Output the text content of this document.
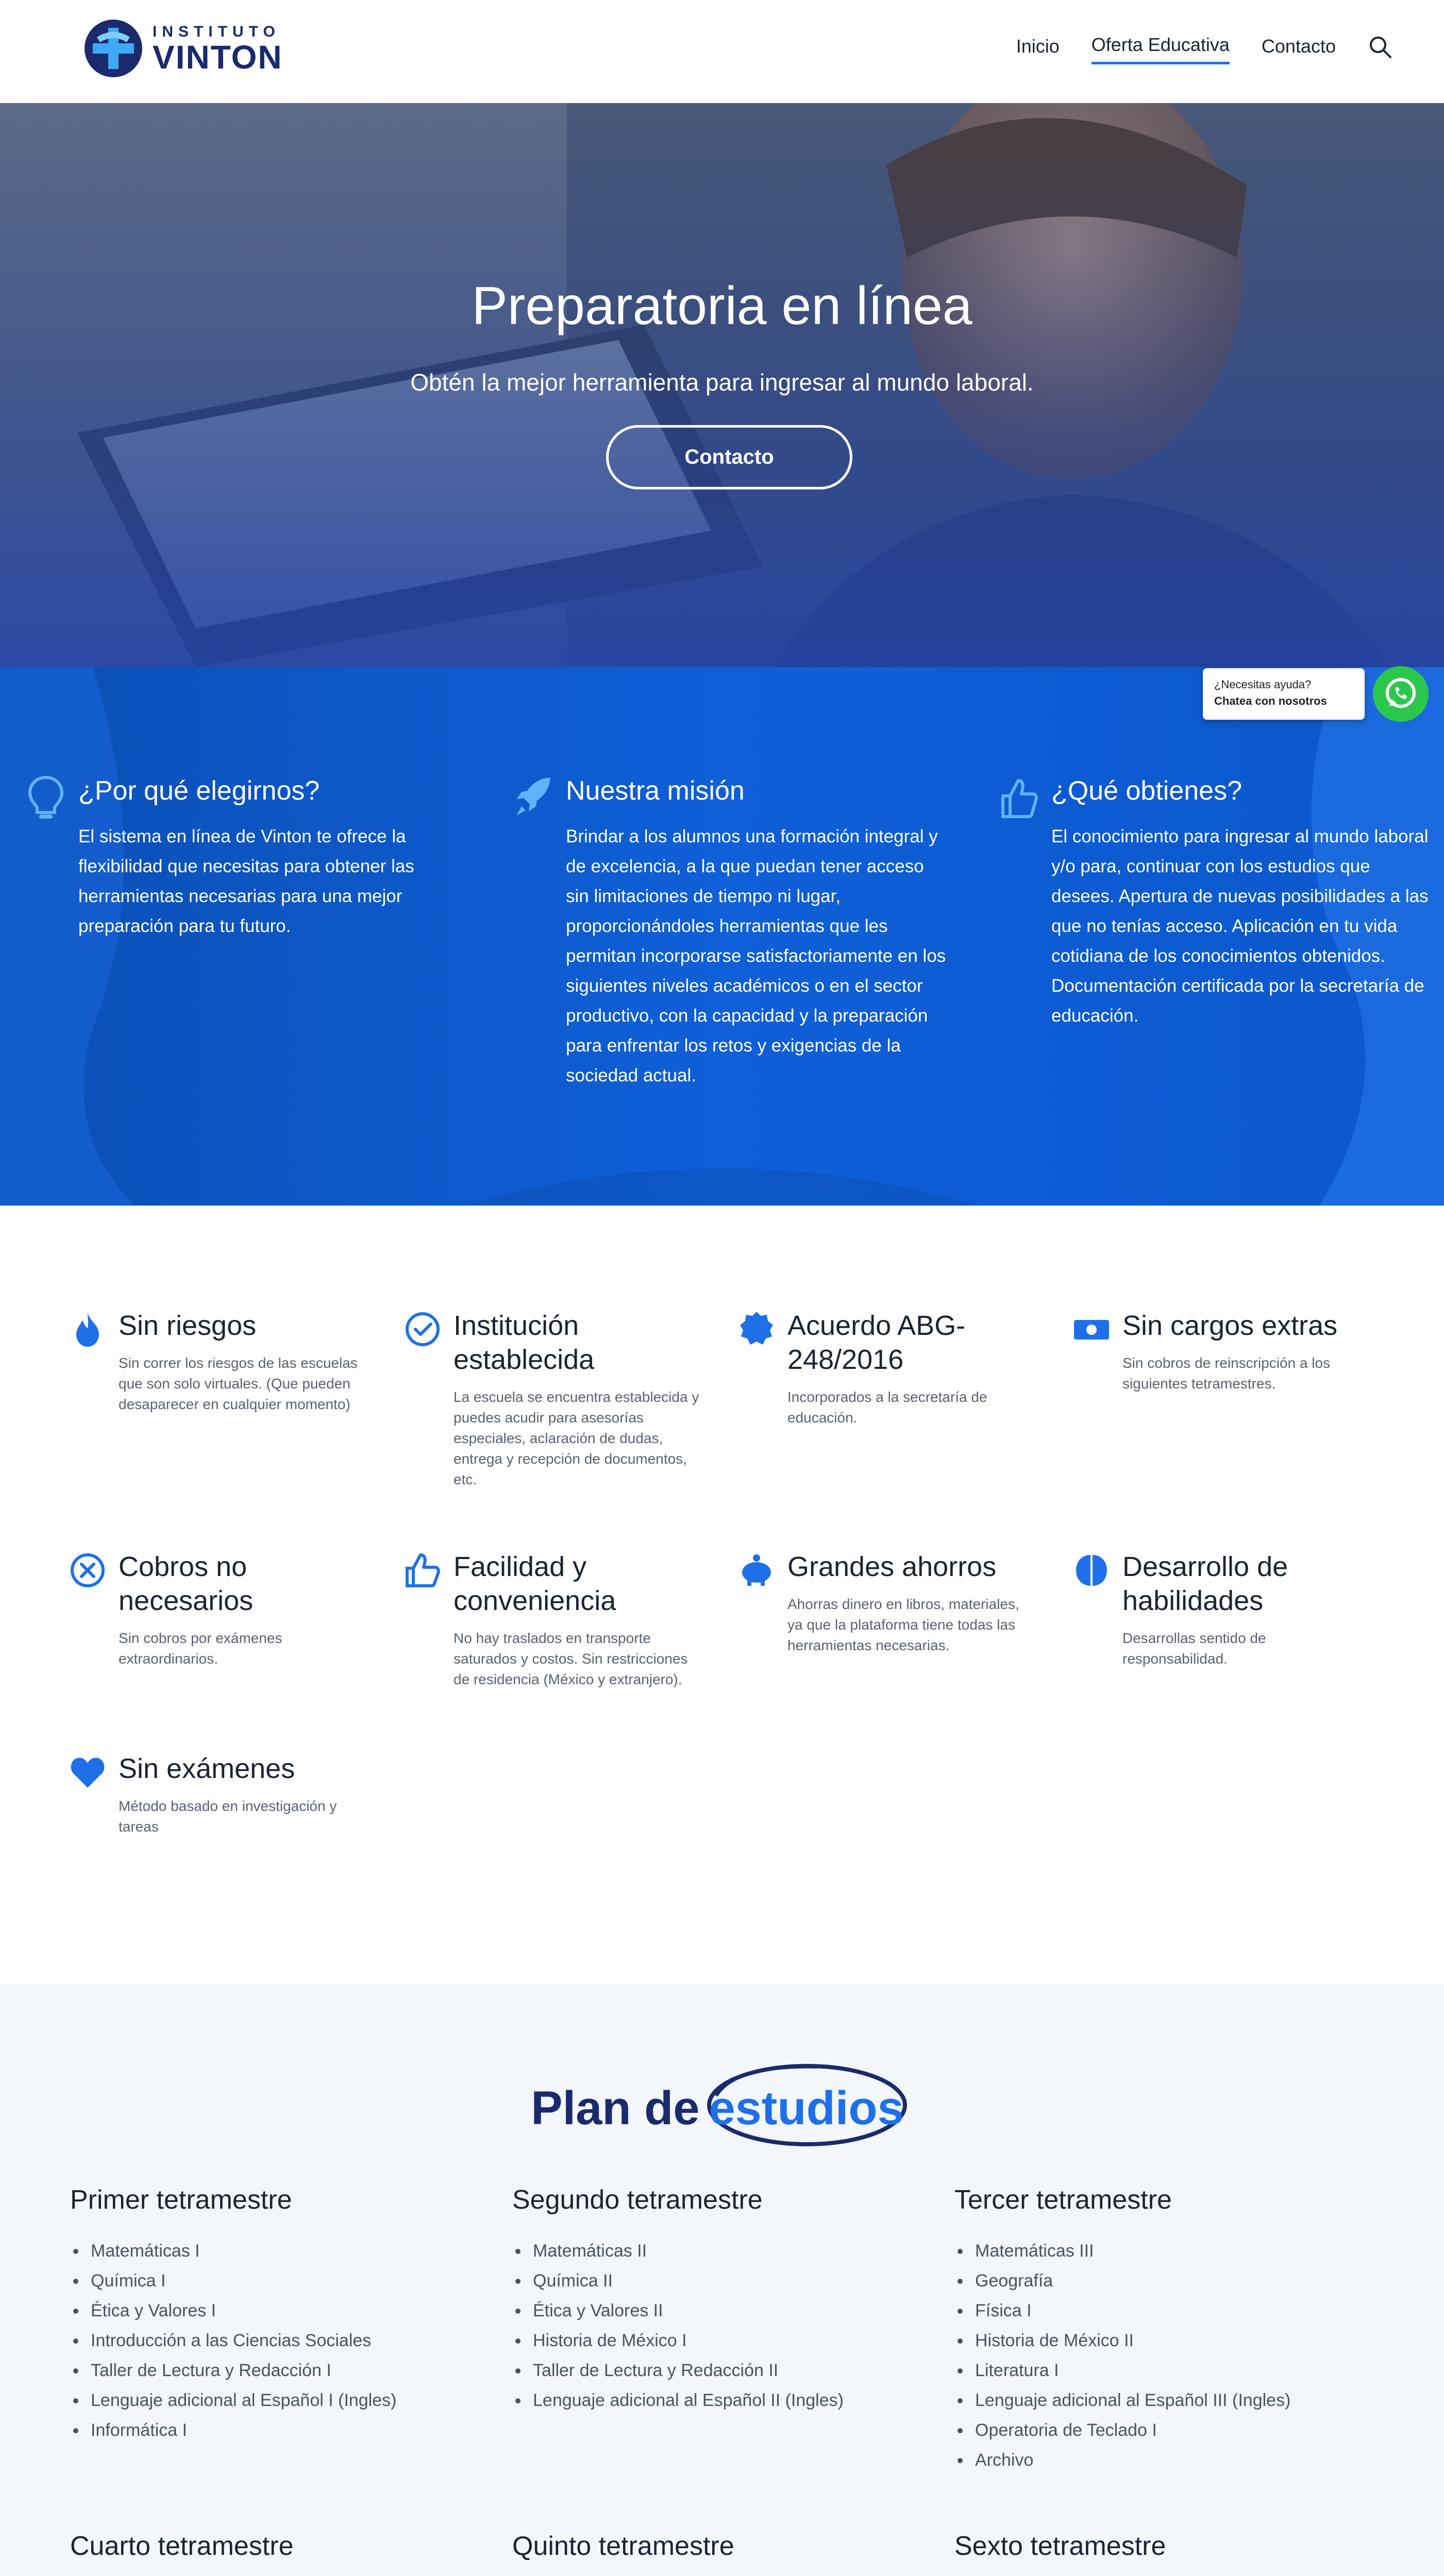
INSTITUTO
VINTON	Inicio Oferta Educativa Contacto
Preparatoria en línea
Obtén la mejor herramienta para ingresar al mundo laboral.
Contacto
¿Por qué elegirnos?

El sistema en línea de Vinton te ofrece la flexibilidad que necesitas para obtener las herramientas necesarias para una mejor preparación para tu futuro.

Nuestra misión

Brindar a los alumnos una formación integral y de excelencia, a la que puedan tener acceso sin limitaciones de tiempo ni lugar, proporcionándoles herramientas que les permitan incorporarse satisfactoriamente en los siguientes niveles académicos o en el sector productivo, con la capacidad y la preparación para enfrentar los retos y exigencias de la sociedad actual.

¿Qué obtienes?

El conocimiento para ingresar al mundo laboral y/o para, continuar con los estudios que desees. Apertura de nuevas posibilidades a las que no tenías acceso. Aplicación en tu vida cotidiana de los conocimientos obtenidos. Documentación certificada por la secretaría de educación.

¿Necesitas ayuda?
Chatea con nosotros
Sin riesgos

Sin correr los riesgos de las escuelas que son solo virtuales. (Que pueden desaparecer en cualquier momento)

Institución establecida

La escuela se encuentra establecida y puedes acudir para asesorías especiales, aclaración de dudas, entrega y recepción de documentos, etc.

Acuerdo ABG-248/2016

Incorporados a la secretaría de educación.

Sin cargos extras

Sin cobros de reinscripción a los siguientes tetramestres.

Cobros no necesarios

Sin cobros por exámenes extraordinarios.

Facilidad y conveniencia

No hay traslados en transporte saturados y costos. Sin restricciones de residencia (México y extranjero).

Grandes ahorros

Ahorras dinero en libros, materiales, ya que la plataforma tiene todas las herramientas necesarias.

Desarrollo de habilidades

Desarrollas sentido de responsabilidad.

Sin exámenes

Método basado en investigación y tareas

Plan de estudios
Primer tetramestre
Matemáticas I
Química I
Ética y Valores I
Introducción a las Ciencias Sociales
Taller de Lectura y Redacción I
Lenguaje adicional al Español I (Ingles)
Informática I
Segundo tetramestre
Matemáticas II
Química II
Ética y Valores II
Historia de México I
Taller de Lectura y Redacción II
Lenguaje adicional al Español II (Ingles)
Tercer tetramestre
Matemáticas III
Geografía
Física I
Historia de México II
Literatura I
Lenguaje adicional al Español III (Ingles)
Operatoria de Teclado I
Archivo
Cuarto tetramestre	Quinto tetramestre	Sexto tetramestre
